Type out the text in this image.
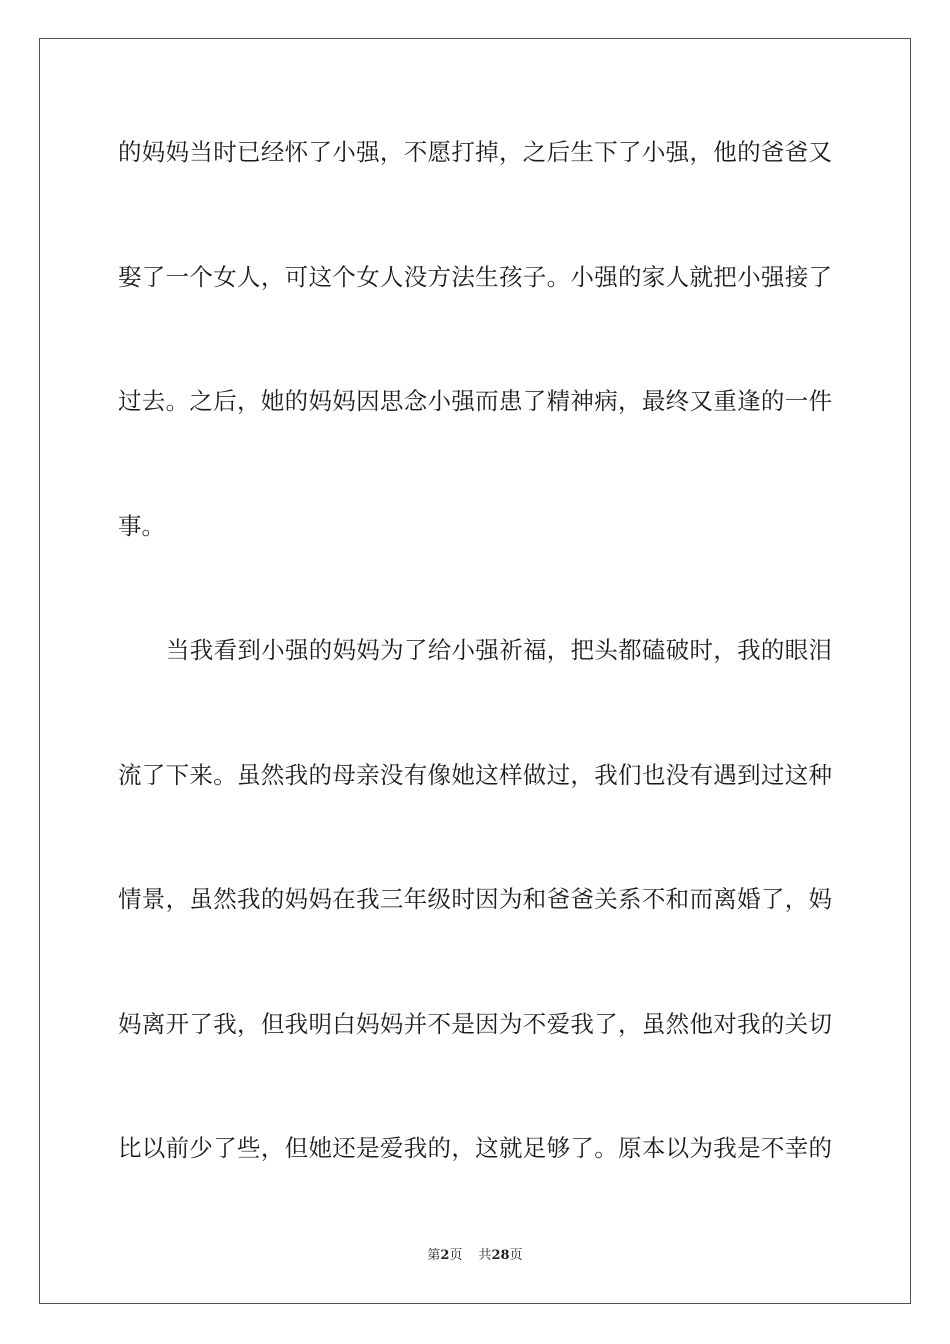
的妈妈当时已经怀了小强，不愿打掉，之后生下了小强，他的爸爸又
娶了一个女人，可这个女人没方法生孩子。小强的家人就把小强接了
过去。之后，她的妈妈因思念小强而患了精神病，最终又重逢的一件
事。
当我看到小强的妈妈为了给小强祈福，把头都磕破时，我的眼泪
流了下来。虽然我的母亲没有像她这样做过，我们也没有遇到过这种
情景，虽然我的妈妈在我三年级时因为和爸爸关系不和而离婚了，妈
妈离开了我，但我明白妈妈并不是因为不爱我了，虽然他对我的关切
比以前少了些，但她还是爱我的，这就足够了。原本以为我是不幸的
第2页 共28页
